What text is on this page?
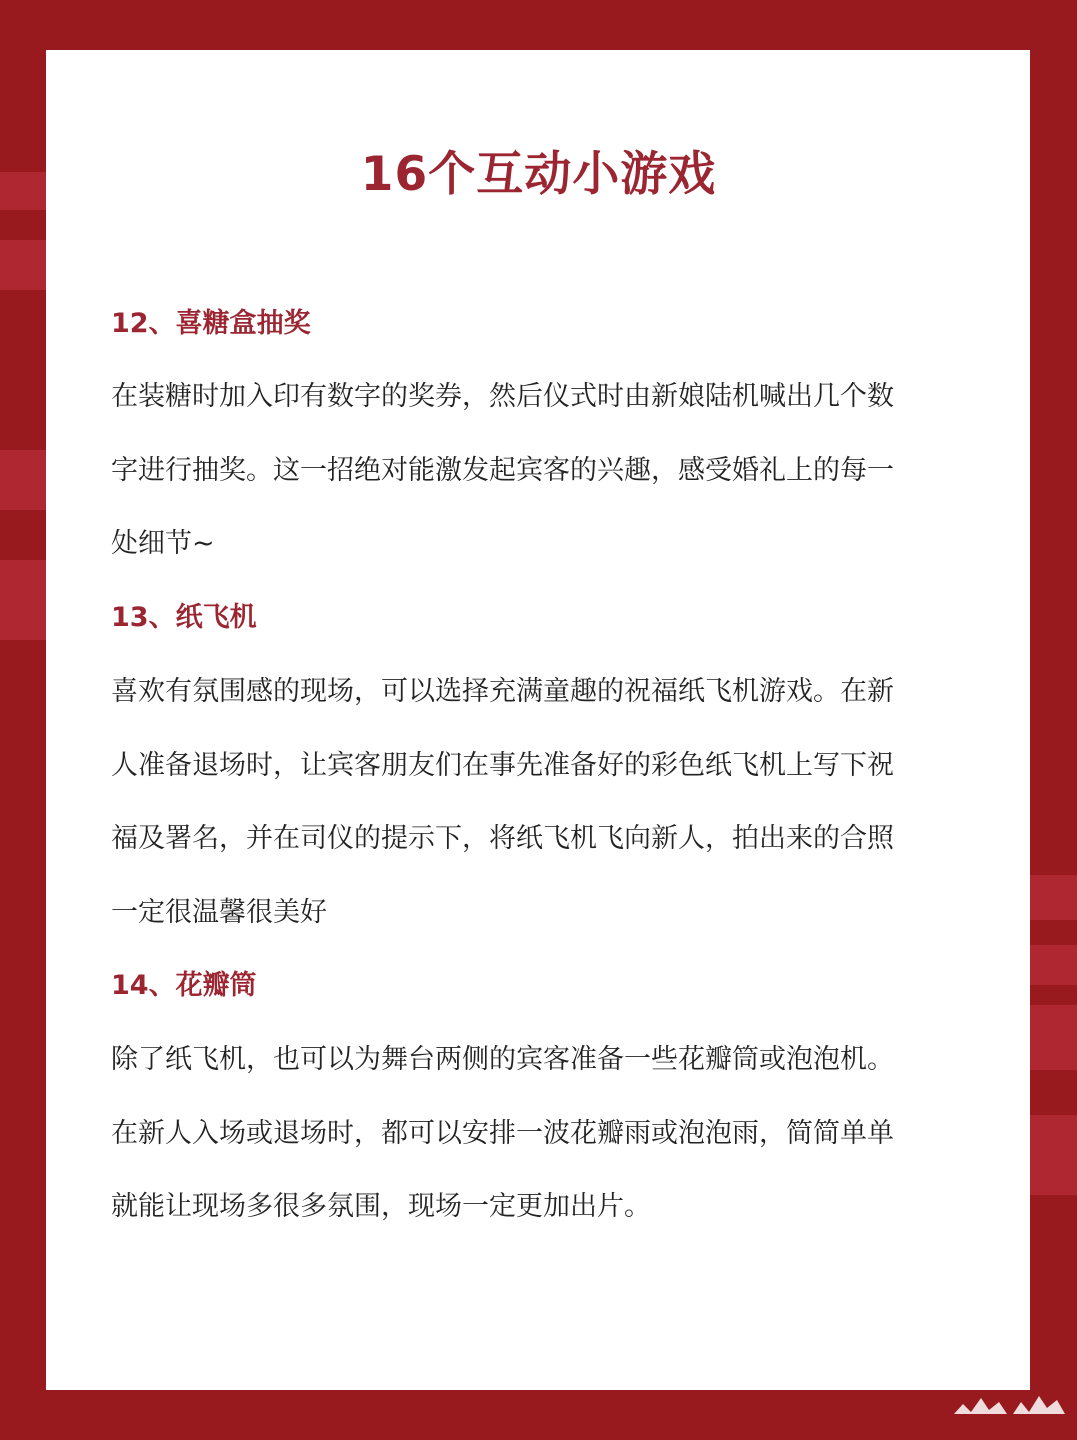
16个互动小游戏
12、喜糖盒抽奖

在装糖时加入印有数字的奖券，然后仪式时由新娘陆机喊出几个数
字进行抽奖。这一招绝对能激发起宾客的兴趣，感受婚礼上的每一
处细节~

13、纸飞机

喜欢有氛围感的现场，可以选择充满童趣的祝福纸飞机游戏。在新
人准备退场时，让宾客朋友们在事先准备好的彩色纸飞机上写下祝
福及署名，并在司仪的提示下，将纸飞机飞向新人，拍出来的合照
一定很温馨很美好

14、花瓣筒

除了纸飞机，也可以为舞台两侧的宾客准备一些花瓣筒或泡泡机。
在新人入场或退场时，都可以安排一波花瓣雨或泡泡雨，简简单单
就能让现场多很多氛围，现场一定更加出片。
